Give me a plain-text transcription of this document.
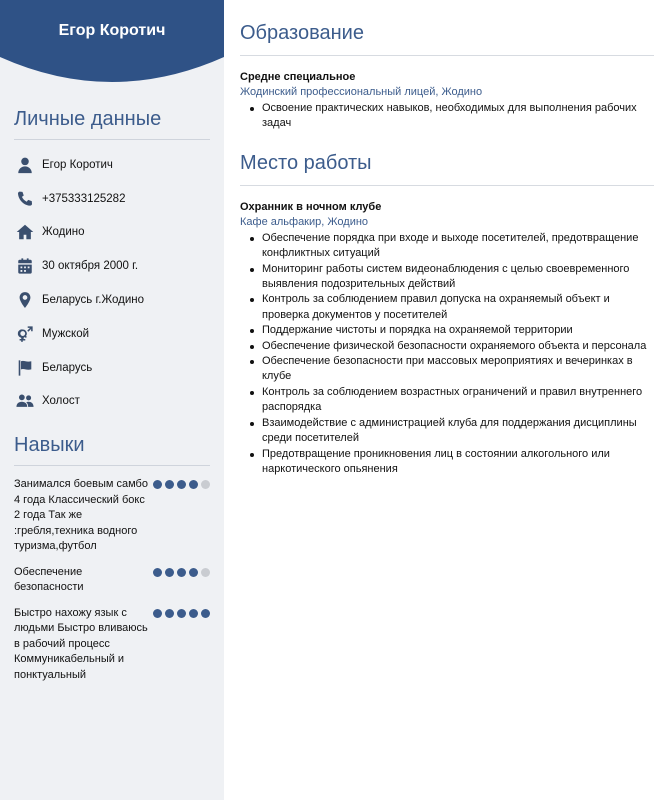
Егор Коротич
Личные данные
Егор Коротич
+375333125282
Жодино
30 октября 2000 г.
Беларусь г.Жодино
Мужской
Беларусь
Холост
Навыки
Занимался боевым самбо 4 года Классический бокс 2 года Так же :гребля,техника водного туризма,футбол
Обеспечение безопасности
Быстро нахожу язык с людьми Быстро вливаюсь в рабочий процесс Коммуникабельный и понктуальный
Образование
Средне специальное
Жодинский профессиональный лицей, Жодино
Освоение практических навыков, необходимых для выполнения рабочих задач
Место работы
Охранник в ночном клубе
Кафе альфакир, Жодино
Обеспечение порядка при входе и выходе посетителей, предотвращение конфликтных ситуаций
Мониторинг работы систем видеонаблюдения с целью своевременного выявления подозрительных действий
Контроль за соблюдением правил допуска на охраняемый объект и проверка документов у посетителей
Поддержание чистоты и порядка на охраняемой территории
Обеспечение физической безопасности охраняемого объекта и персонала
Обеспечение безопасности при массовых мероприятиях и вечеринках в клубе
Контроль за соблюдением возрастных ограничений и правил внутреннего распорядка
Взаимодействие с администрацией клуба для поддержания дисциплины среди посетителей
Предотвращение проникновения лиц в состоянии алкогольного или наркотического опьянения
